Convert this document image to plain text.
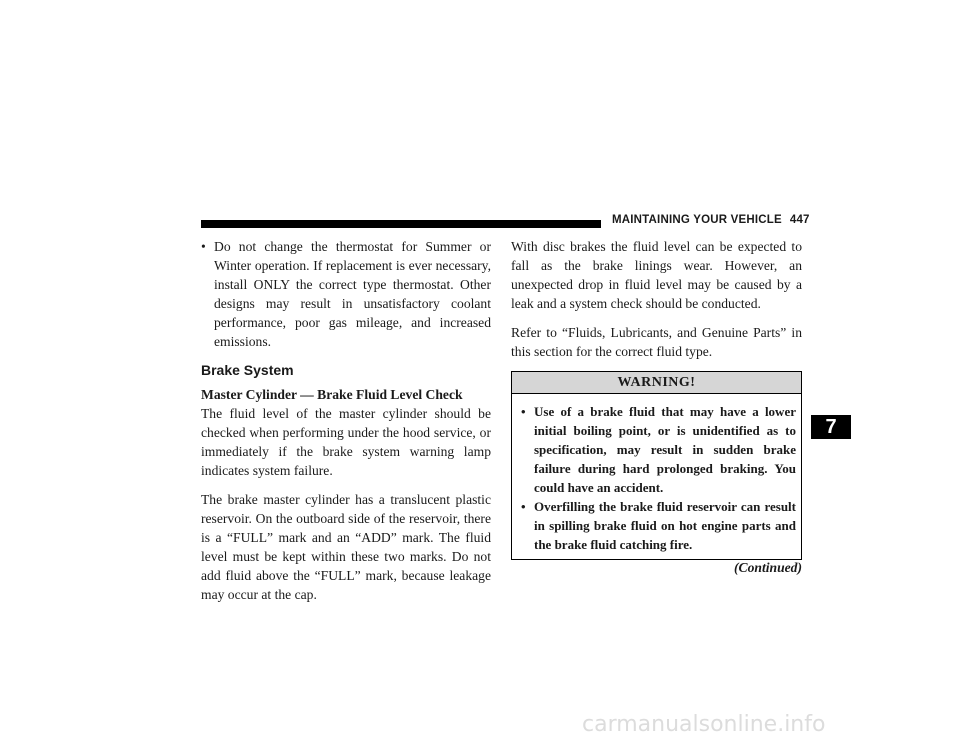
MAINTAINING YOUR VEHICLE 447
• Do not change the thermostat for Summer or Winter operation. If replacement is ever necessary, install ONLY the correct type thermostat. Other designs may result in unsatisfactory coolant performance, poor gas mileage, and increased emissions.
Brake System

Master Cylinder — Brake Fluid Level Check

The fluid level of the master cylinder should be checked when performing under the hood service, or immediately if the brake system warning lamp indicates system failure.

The brake master cylinder has a translucent plastic reservoir. On the outboard side of the reservoir, there is a “FULL” mark and an “ADD” mark. The fluid level must be kept within these two marks. Do not add fluid above the “FULL” mark, because leakage may occur at the cap.

With disc brakes the fluid level can be expected to fall as the brake linings wear. However, an unexpected drop in fluid level may be caused by a leak and a system check should be conducted.

Refer to “Fluids, Lubricants, and Genuine Parts” in this section for the correct fluid type.

WARNING!
• Use of a brake fluid that may have a lower initial boiling point, or is unidentified as to specification, may result in sudden brake failure during hard prolonged braking. You could have an accident.
• Overfilling the brake fluid reservoir can result in spilling brake fluid on hot engine parts and the brake fluid catching fire.
(Continued)
7
carmanualsonline.info
